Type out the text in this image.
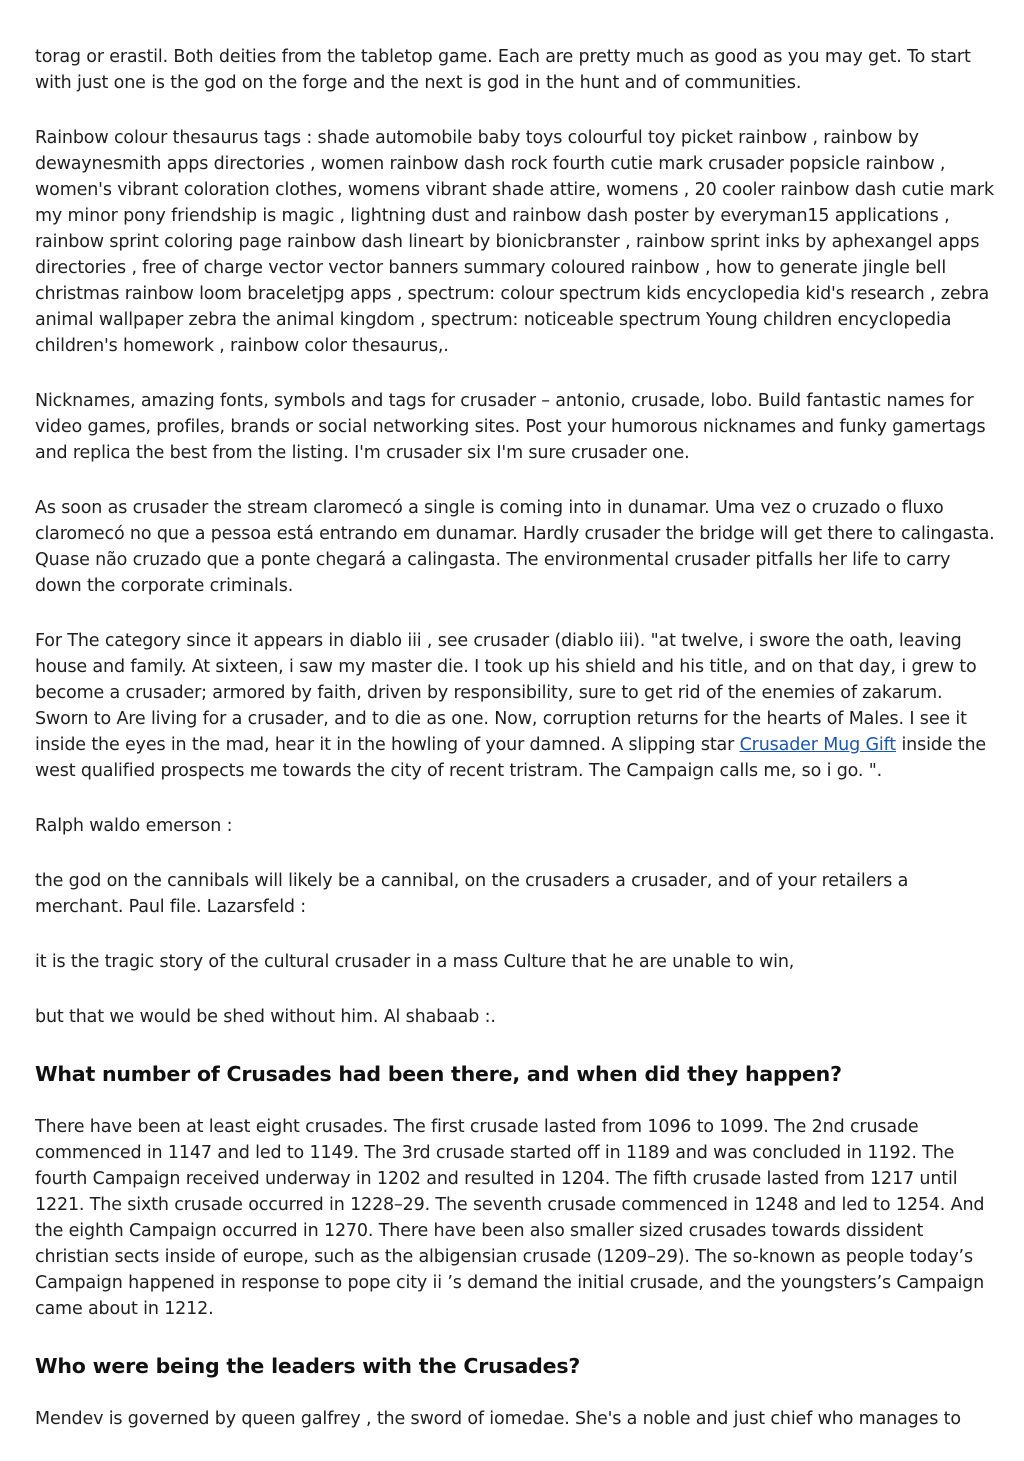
torag or erastil. Both deities from the tabletop game. Each are pretty much as good as you may get. To start with just one is the god on the forge and the next is god in the hunt and of communities.

Rainbow colour thesaurus tags : shade automobile baby toys colourful toy picket rainbow , rainbow by dewaynesmith apps directories , women rainbow dash rock fourth cutie mark crusader popsicle rainbow , women's vibrant coloration clothes, womens vibrant shade attire, womens , 20 cooler rainbow dash cutie mark my minor pony friendship is magic , lightning dust and rainbow dash poster by everyman15 applications , rainbow sprint coloring page rainbow dash lineart by bionicbranster , rainbow sprint inks by aphexangel apps directories , free of charge vector vector banners summary coloured rainbow , how to generate jingle bell christmas rainbow loom braceletjpg apps , spectrum: colour spectrum kids encyclopedia kid's research , zebra animal wallpaper zebra the animal kingdom , spectrum: noticeable spectrum Young children encyclopedia children's homework , rainbow color thesaurus,.

Nicknames, amazing fonts, symbols and tags for crusader – antonio, crusade, lobo. Build fantastic names for video games, profiles, brands or social networking sites. Post your humorous nicknames and funky gamertags and replica the best from the listing. I'm crusader six I'm sure crusader one.

As soon as crusader the stream claromecó a single is coming into in dunamar. Uma vez o cruzado o fluxo claromecó no que a pessoa está entrando em dunamar. Hardly crusader the bridge will get there to calingasta. Quase não cruzado que a ponte chegará a calingasta. The environmental crusader pitfalls her life to carry down the corporate criminals.

For The category since it appears in diablo iii , see crusader (diablo iii). "at twelve, i swore the oath, leaving house and family. At sixteen, i saw my master die. I took up his shield and his title, and on that day, i grew to become a crusader; armored by faith, driven by responsibility, sure to get rid of the enemies of zakarum. Sworn to Are living for a crusader, and to die as one. Now, corruption returns for the hearts of Males. I see it inside the eyes in the mad, hear it in the howling of your damned. A slipping star Crusader Mug Gift inside the west qualified prospects me towards the city of recent tristram. The Campaign calls me, so i go. ".

Ralph waldo emerson :

the god on the cannibals will likely be a cannibal, on the crusaders a crusader, and of your retailers a merchant. Paul file. Lazarsfeld :

it is the tragic story of the cultural crusader in a mass Culture that he are unable to win,

but that we would be shed without him. Al shabaab :.

What number of Crusades had been there, and when did they happen?

There have been at least eight crusades. The first crusade lasted from 1096 to 1099. The 2nd crusade commenced in 1147 and led to 1149. The 3rd crusade started off in 1189 and was concluded in 1192. The fourth Campaign received underway in 1202 and resulted in 1204. The fifth crusade lasted from 1217 until 1221. The sixth crusade occurred in 1228–29. The seventh crusade commenced in 1248 and led to 1254. And the eighth Campaign occurred in 1270. There have been also smaller sized crusades towards dissident christian sects inside of europe, such as the albigensian crusade (1209–29). The so-known as people today’s Campaign happened in response to pope city ii ’s demand the initial crusade, and the youngsters’s Campaign came about in 1212.

Who were being the leaders with the Crusades?

Mendev is governed by queen galfrey , the sword of iomedae. She's a noble and just chief who manages to
